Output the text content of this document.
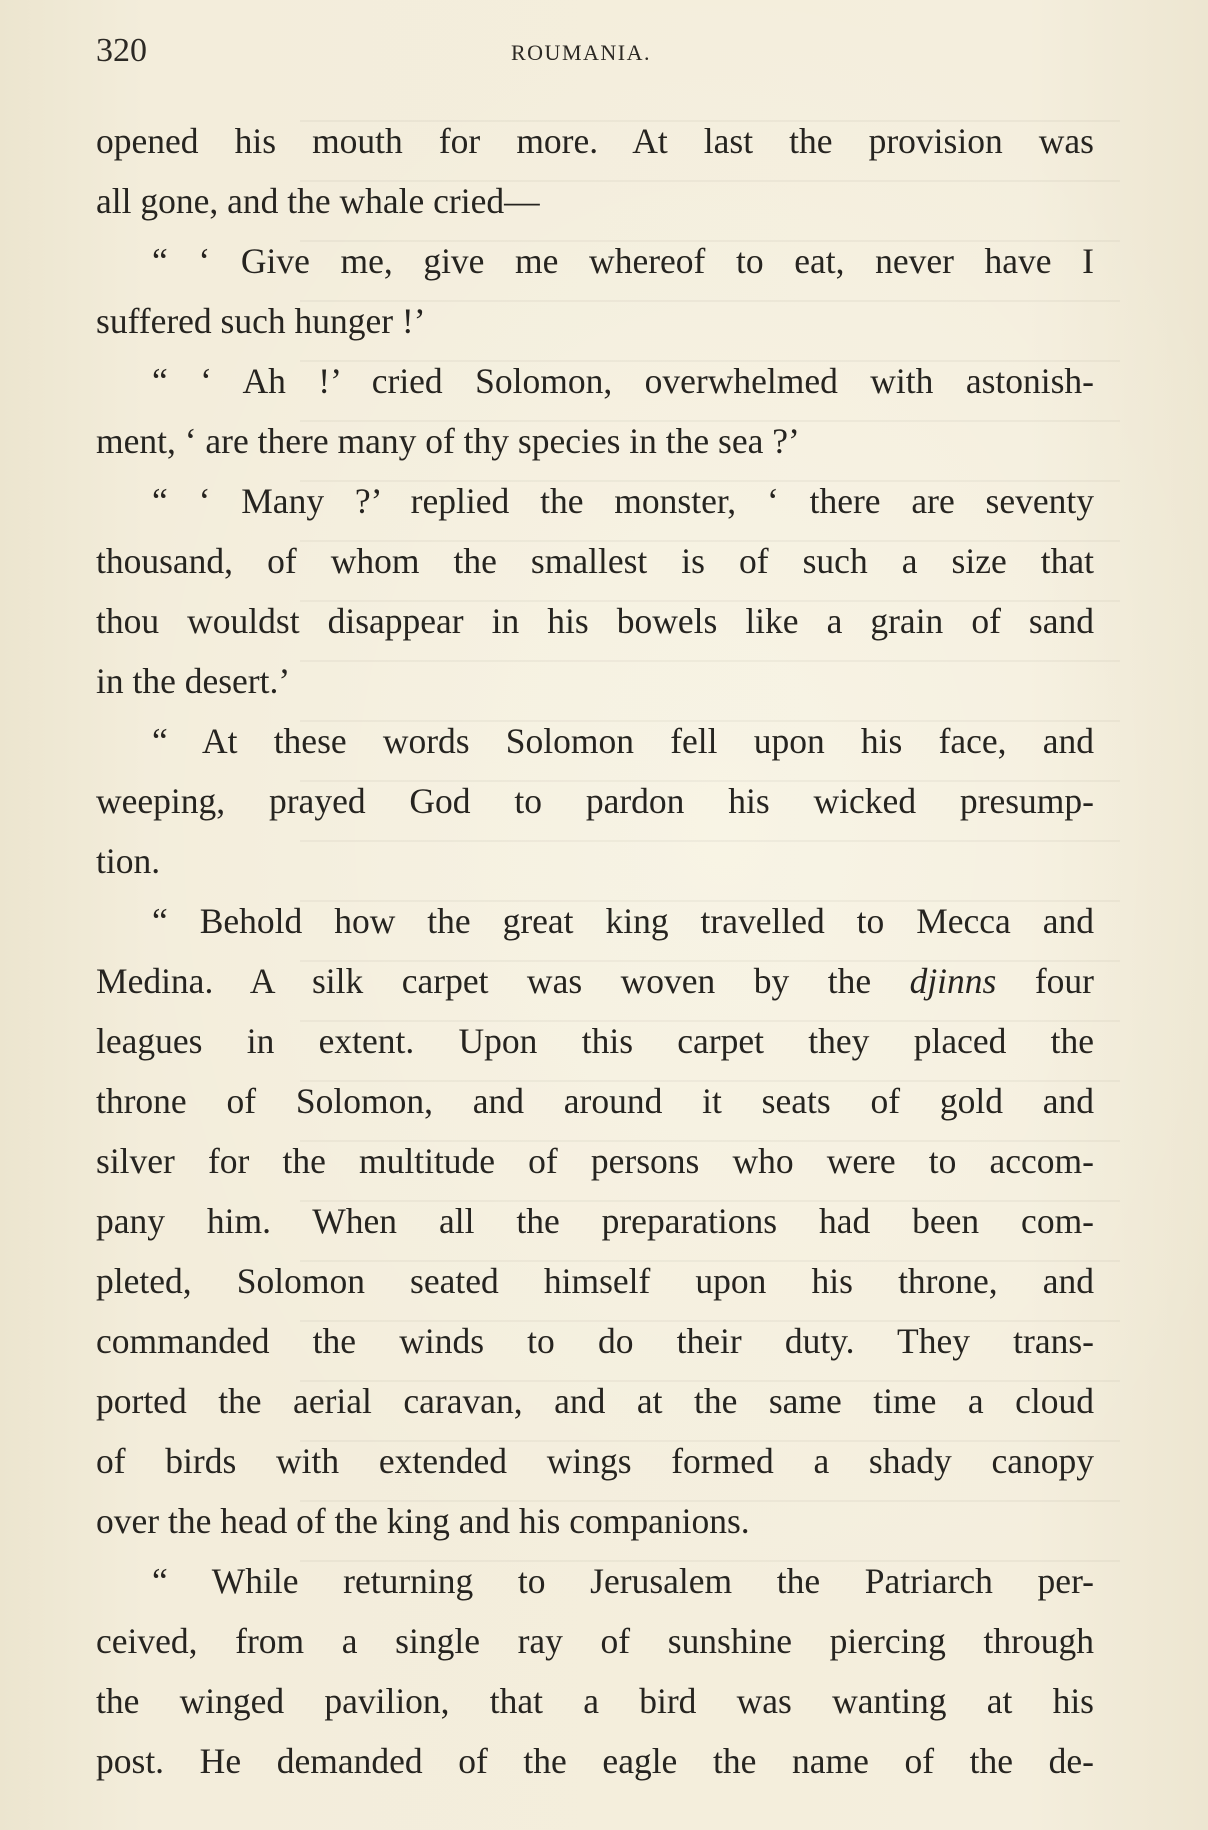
320	ROUMANIA.
opened his mouth for more. At last the provision was
all gone, and the whale cried—
“ ‘ Give me, give me whereof to eat, never have I
suffered such hunger !’
“ ‘ Ah !’ cried Solomon, overwhelmed with astonish-
ment, ‘ are there many of thy species in the sea ?’
“ ‘ Many ?’ replied the monster, ‘ there are seventy
thousand, of whom the smallest is of such a size that
thou wouldst disappear in his bowels like a grain of sand
in the desert.’
“ At these words Solomon fell upon his face, and
weeping, prayed God to pardon his wicked presump-
tion.
“ Behold how the great king travelled to Mecca and
Medina. A silk carpet was woven by the djinns four
leagues in extent. Upon this carpet they placed the
throne of Solomon, and around it seats of gold and
silver for the multitude of persons who were to accom-
pany him. When all the preparations had been com-
pleted, Solomon seated himself upon his throne, and
commanded the winds to do their duty. They trans-
ported the aerial caravan, and at the same time a cloud
of birds with extended wings formed a shady canopy
over the head of the king and his companions.
“ While returning to Jerusalem the Patriarch per-
ceived, from a single ray of sunshine piercing through
the winged pavilion, that a bird was wanting at his
post. He demanded of the eagle the name of the de-
